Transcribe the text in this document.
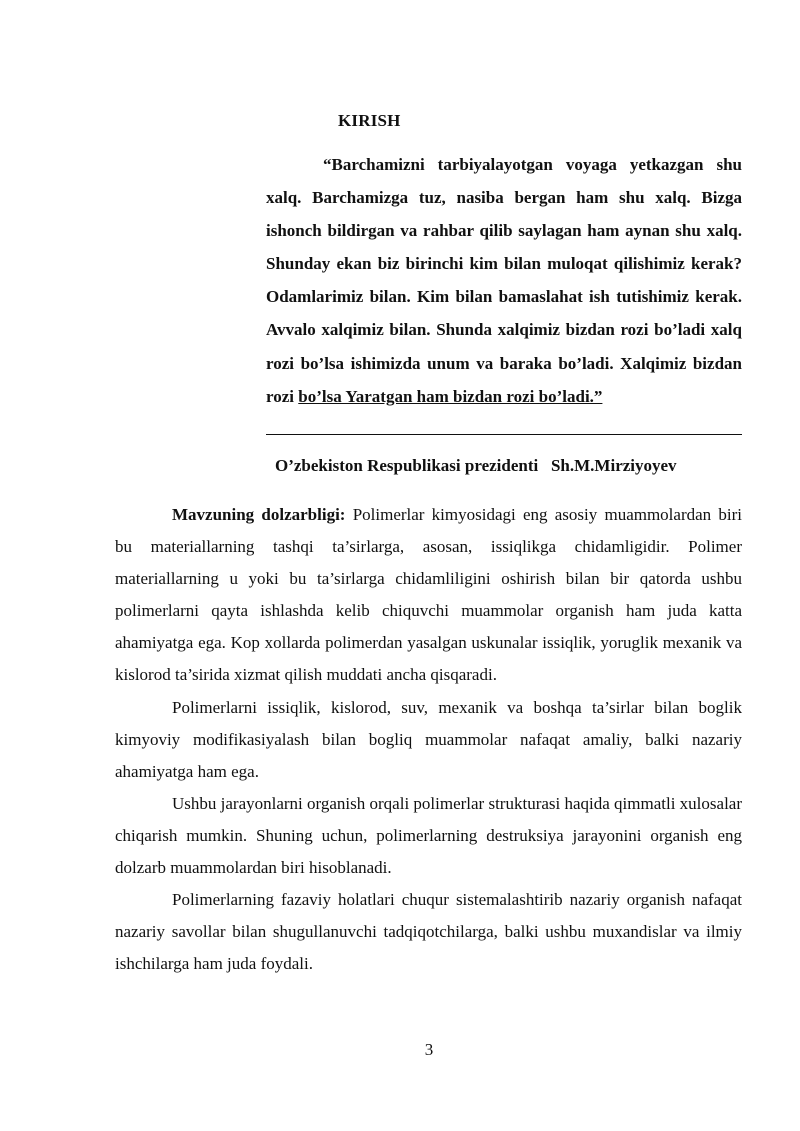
KIRISH

“Barchamizni tarbiyalayotgan voyaga yetkazgan shu xalq. Barchamizga tuz, nasiba bergan ham shu xalq. Bizga ishonch bildirgan va rahbar qilib saylagan ham aynan shu xalq. Shunday ekan biz birinchi kim bilan muloqat qilishimiz kerak? Odamlarimiz bilan. Kim bilan bamaslahat ish tutishimiz kerak. Avvalo xalqimiz bilan. Shunda xalqimiz bizdan rozi bo’ladi xalq rozi bo’lsa ishimizda unum va baraka bo’ladi. Xalqimiz bizdan rozi bo’lsa Yaratgan ham bizdan rozi bo’ladi.”

O’zbekiston Respublikasi prezidenti   Sh.M.Mirziyoyev

Mavzuning dolzarbligi: Polimerlar kimyosidagi eng asosiy muammolardan biri bu materiallarning tashqi ta’sirlarga, asosan, issiqlikga chidamligidir. Polimer materiallarning u yoki bu ta’sirlarga chidamliligini oshirish bilan bir qatorda ushbu polimerlarni qayta ishlashda kelib chiquvchi muammolar organish ham juda katta ahamiyatga ega. Kop xollarda polimerdan yasalgan uskunalar issiqlik, yoruglik mexanik va kislorod ta’sirida xizmat qilish muddati ancha qisqaradi.

Polimerlarni issiqlik, kislorod, suv, mexanik va boshqa ta’sirlar bilan boglik kimyoviy modifikasiyalash bilan bogliq muammolar nafaqat amaliy, balki nazariy ahamiyatga ham ega.

Ushbu jarayonlarni organish orqali polimerlar strukturasi haqida qimmatli xulosalar chiqarish mumkin. Shuning uchun, polimerlarning destruksiya jarayonini organish eng dolzarb muammolardan biri hisoblanadi.

Polimerlarning fazaviy holatlari chuqur sistemalashtirib nazariy organish nafaqat nazariy savollar bilan shugullanuvchi tadqiqotchilarga, balki ushbu muxandislar va ilmiy ishchilarga ham juda foydali.

3
